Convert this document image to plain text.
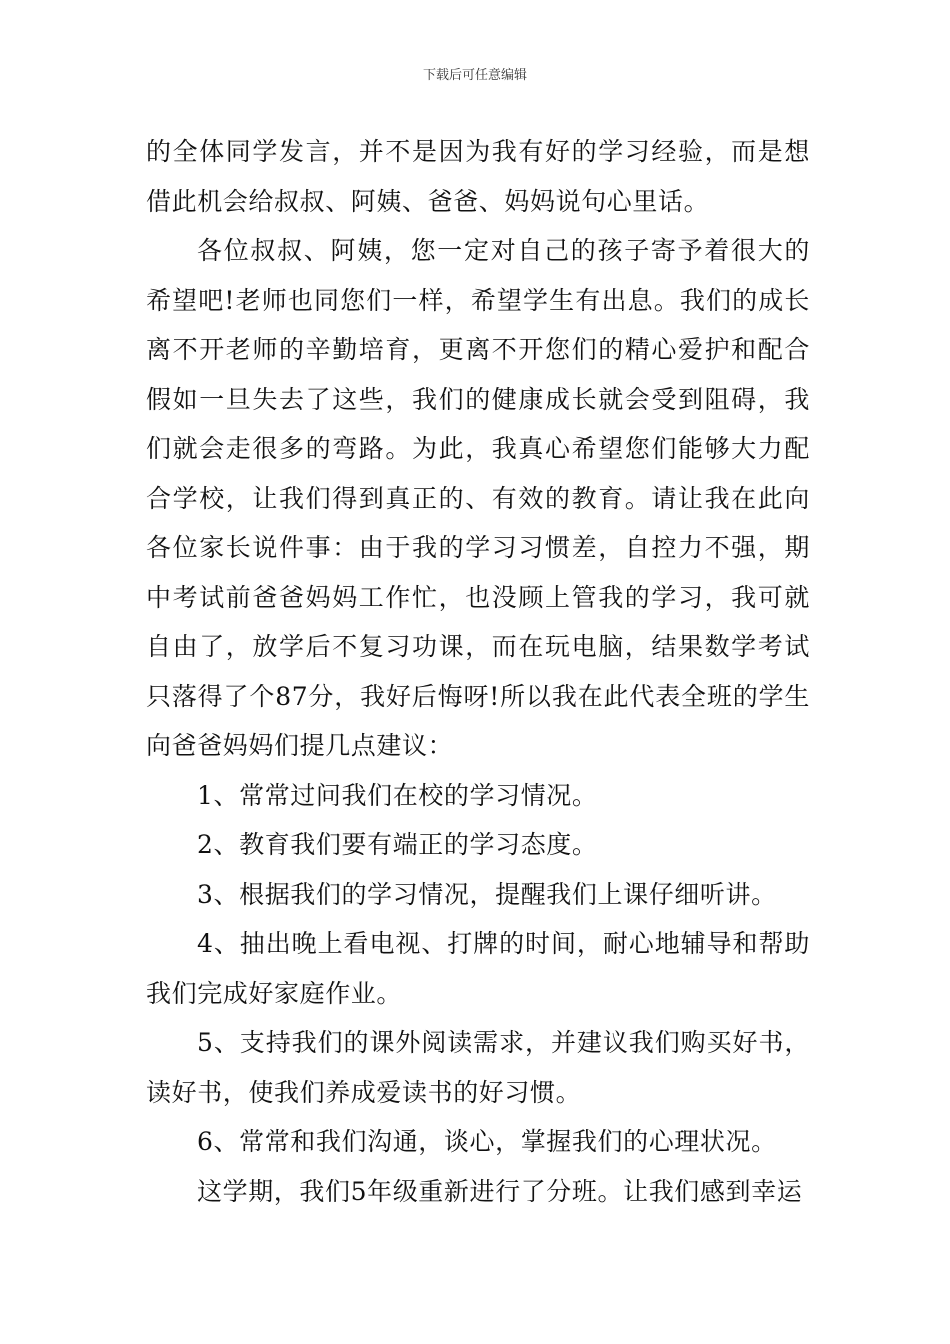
下载后可任意编辑

的全体同学发言，并不是因为我有好的学习经验，而是想借此机会给叔叔、阿姨、爸爸、妈妈说句心里话。

各位叔叔、阿姨，您一定对自己的孩子寄予着很大的希望吧!老师也同您们一样，希望学生有出息。我们的成长离不开老师的辛勤培育，更离不开您们的精心爱护和配合假如一旦失去了这些，我们的健康成长就会受到阻碍，我们就会走很多的弯路。为此，我真心希望您们能够大力配合学校，让我们得到真正的、有效的教育。请让我在此向各位家长说件事：由于我的学习习惯差，自控力不强，期中考试前爸爸妈妈工作忙，也没顾上管我的学习，我可就自由了，放学后不复习功课，而在玩电脑，结果数学考试只落得了个87分，我好后悔呀!所以我在此代表全班的学生向爸爸妈妈们提几点建议：

1、常常过问我们在校的学习情况。

2、教育我们要有端正的学习态度。

3、根据我们的学习情况，提醒我们上课仔细听讲。

4、抽出晚上看电视、打牌的时间，耐心地辅导和帮助我们完成好家庭作业。

5、支持我们的课外阅读需求，并建议我们购买好书，读好书，使我们养成爱读书的好习惯。

6、常常和我们沟通，谈心，掌握我们的心理状况。

这学期，我们5年级重新进行了分班。让我们感到幸运
